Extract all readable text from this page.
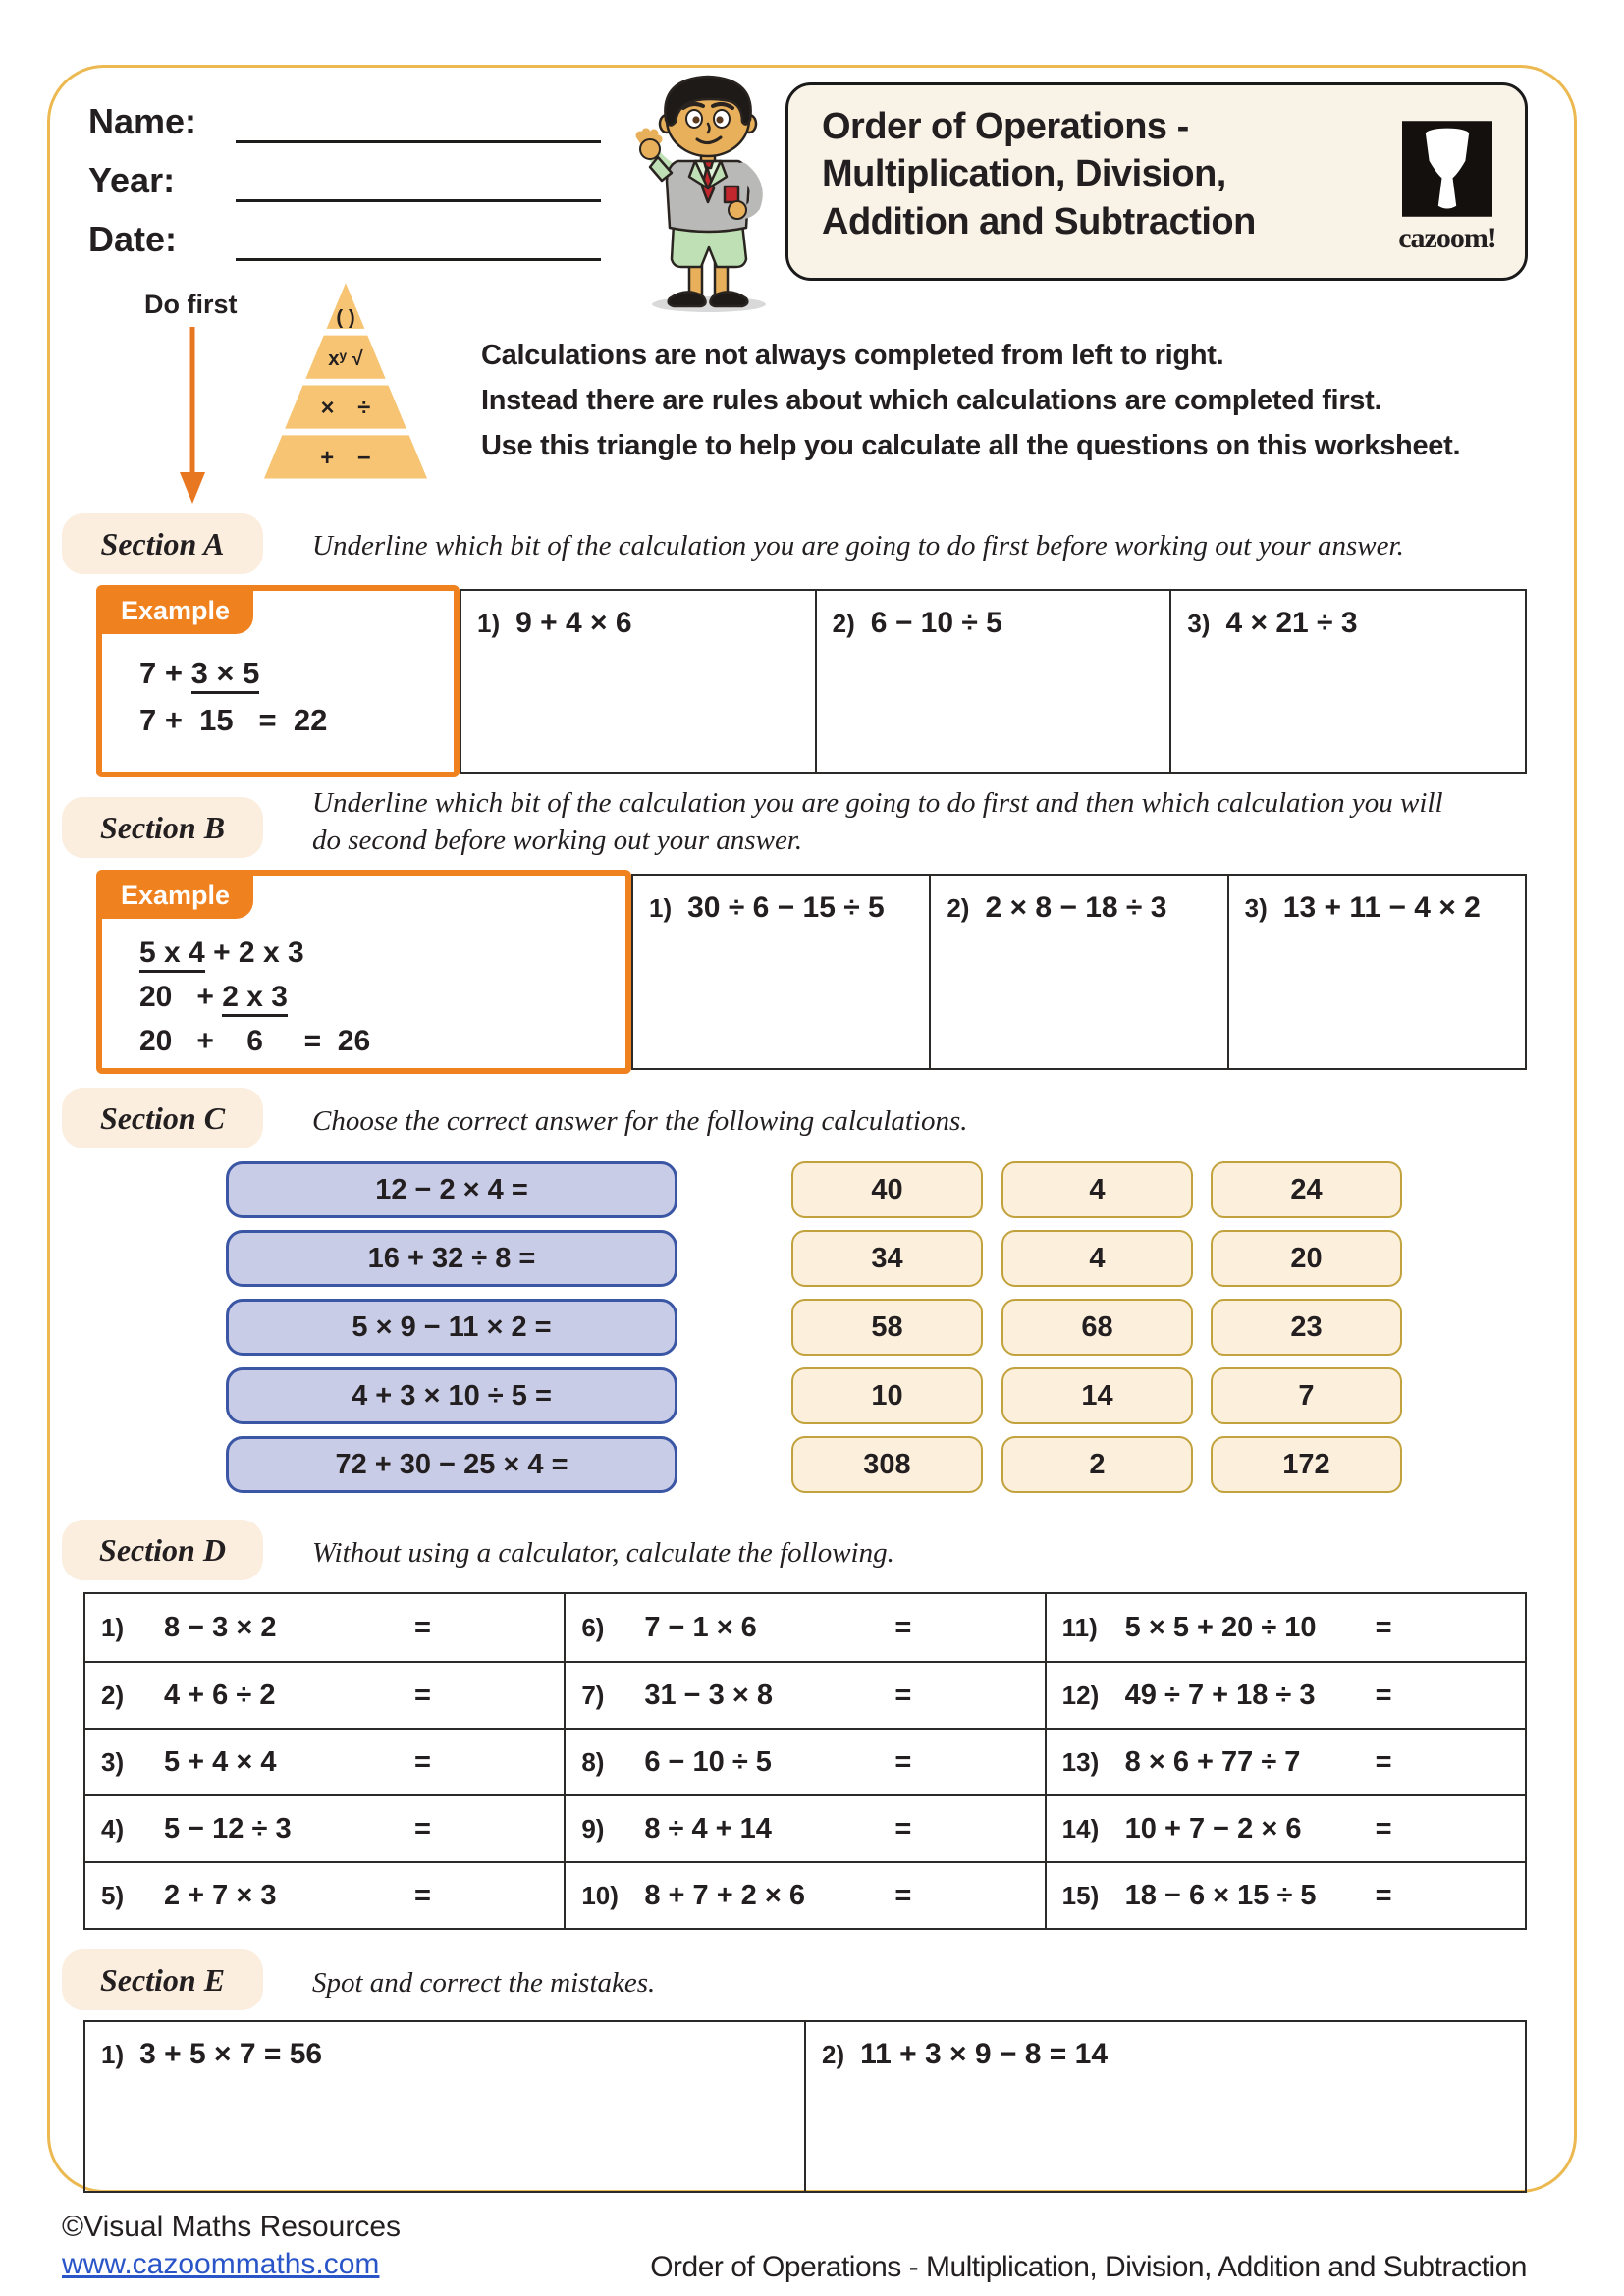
Name:
Year:
Date:
Order of Operations -
Multiplication, Division,
Addition and Subtraction	cazoom!
Do first	( )
xʸ √
× ÷
+ −
Calculations are not always completed from left to right.
Instead there are rules about which calculations are completed first.
Use this triangle to help you calculate all the questions on this worksheet.
Section A	Underline which bit of the calculation you are going to do first before working out your answer.
Example
7 + 3 × 5
7 +  15   =  22
1) 9 + 4 × 6	2) 6 − 10 ÷ 5	3) 4 × 21 ÷ 3
Section B
Underline which bit of the calculation you are going to do first and then which calculation you will
do second before working out your answer.
Example
5 x 4 + 2 x 3
20   + 2 x 3
20   +    6     =  26
1) 30 ÷ 6 − 15 ÷ 5	2) 2 × 8 − 18 ÷ 3	3) 13 + 11 − 4 × 2
Section C	Choose the correct answer for the following calculations.
12 − 2 × 4 =	40	4	24
16 + 32 ÷ 8 =	34	4	20
5 × 9 − 11 × 2 =	58	68	23
4 + 3 × 10 ÷ 5 =	10	14	7
72 + 30 − 25 × 4 =	308	2	172
Section D	Without using a calculator, calculate the following.
1)	8 − 3 × 2	=
2)	4 + 6 ÷ 2	=
3)	5 + 4 × 4	=
4)	5 − 12 ÷ 3	=
5)	2 + 7 × 3	=
6)	7 − 1 × 6	=
7)	31 − 3 × 8	=
8)	6 − 10 ÷ 5	=
9)	8 ÷ 4 + 14	=
10) 8 + 7 + 2 × 6	=
11) 5 × 5 + 20 ÷ 10	=
12) 49 ÷ 7 + 18 ÷ 3	=
13) 8 × 6 + 77 ÷ 7	=
14) 10 + 7 − 2 × 6	=
15) 18 − 6 × 15 ÷ 5	=
Section E	Spot and correct the mistakes.
1) 3 + 5 × 7 = 56	2) 11 + 3 × 9 − 8 = 14
©Visual Maths Resources
www.cazoommaths.com	Order of Operations - Multiplication, Division, Addition and Subtraction
